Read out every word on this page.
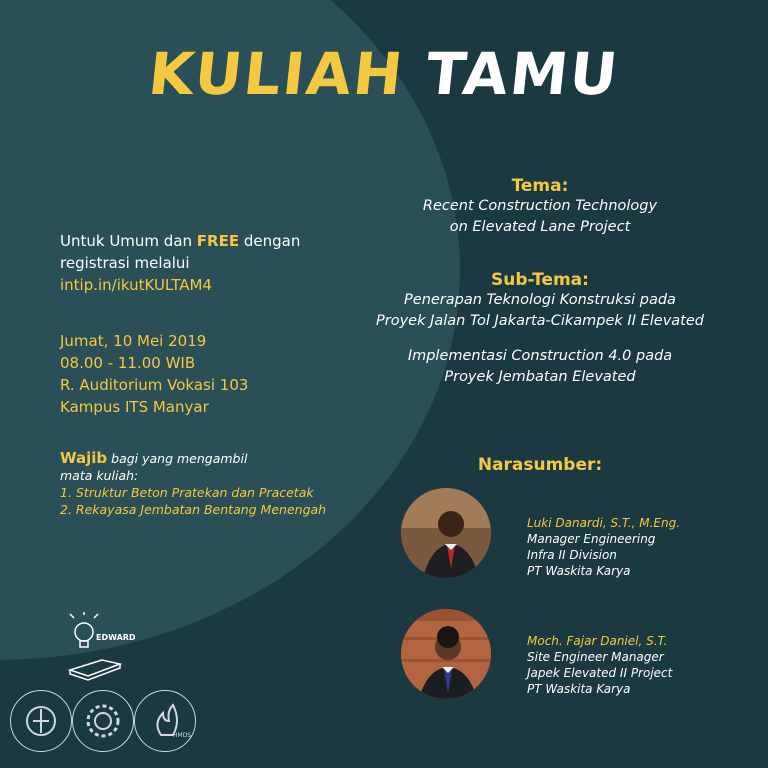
KULIAH TAMU
Untuk Umum dan FREE dengan
registrasi melalui
intip.in/ikutKULTAM4
Jumat, 10 Mei 2019
08.00 - 11.00 WIB
R. Auditorium Vokasi 103
Kampus ITS Manyar
Wajib bagi yang mengambil
mata kuliah:
1. Struktur Beton Pratekan dan Pracetak
2. Rekayasa Jembatan Bentang Menengah
Tema:
Recent Construction Technology
on Elevated Lane Project
Sub-Tema:
Penerapan Teknologi Konstruksi pada
Proyek Jalan Tol Jakarta-Cikampek II Elevated
Implementasi Construction 4.0 pada
Proyek Jembatan Elevated
Narasumber:
Luki Danardi, S.T., M.Eng.
Manager Engineering
Infra II Division
PT Waskita Karya
Moch. Fajar Daniel, S.T.
Site Engineer Manager
Japek Elevated II Project
PT Waskita Karya
EDWARD
HMDS
